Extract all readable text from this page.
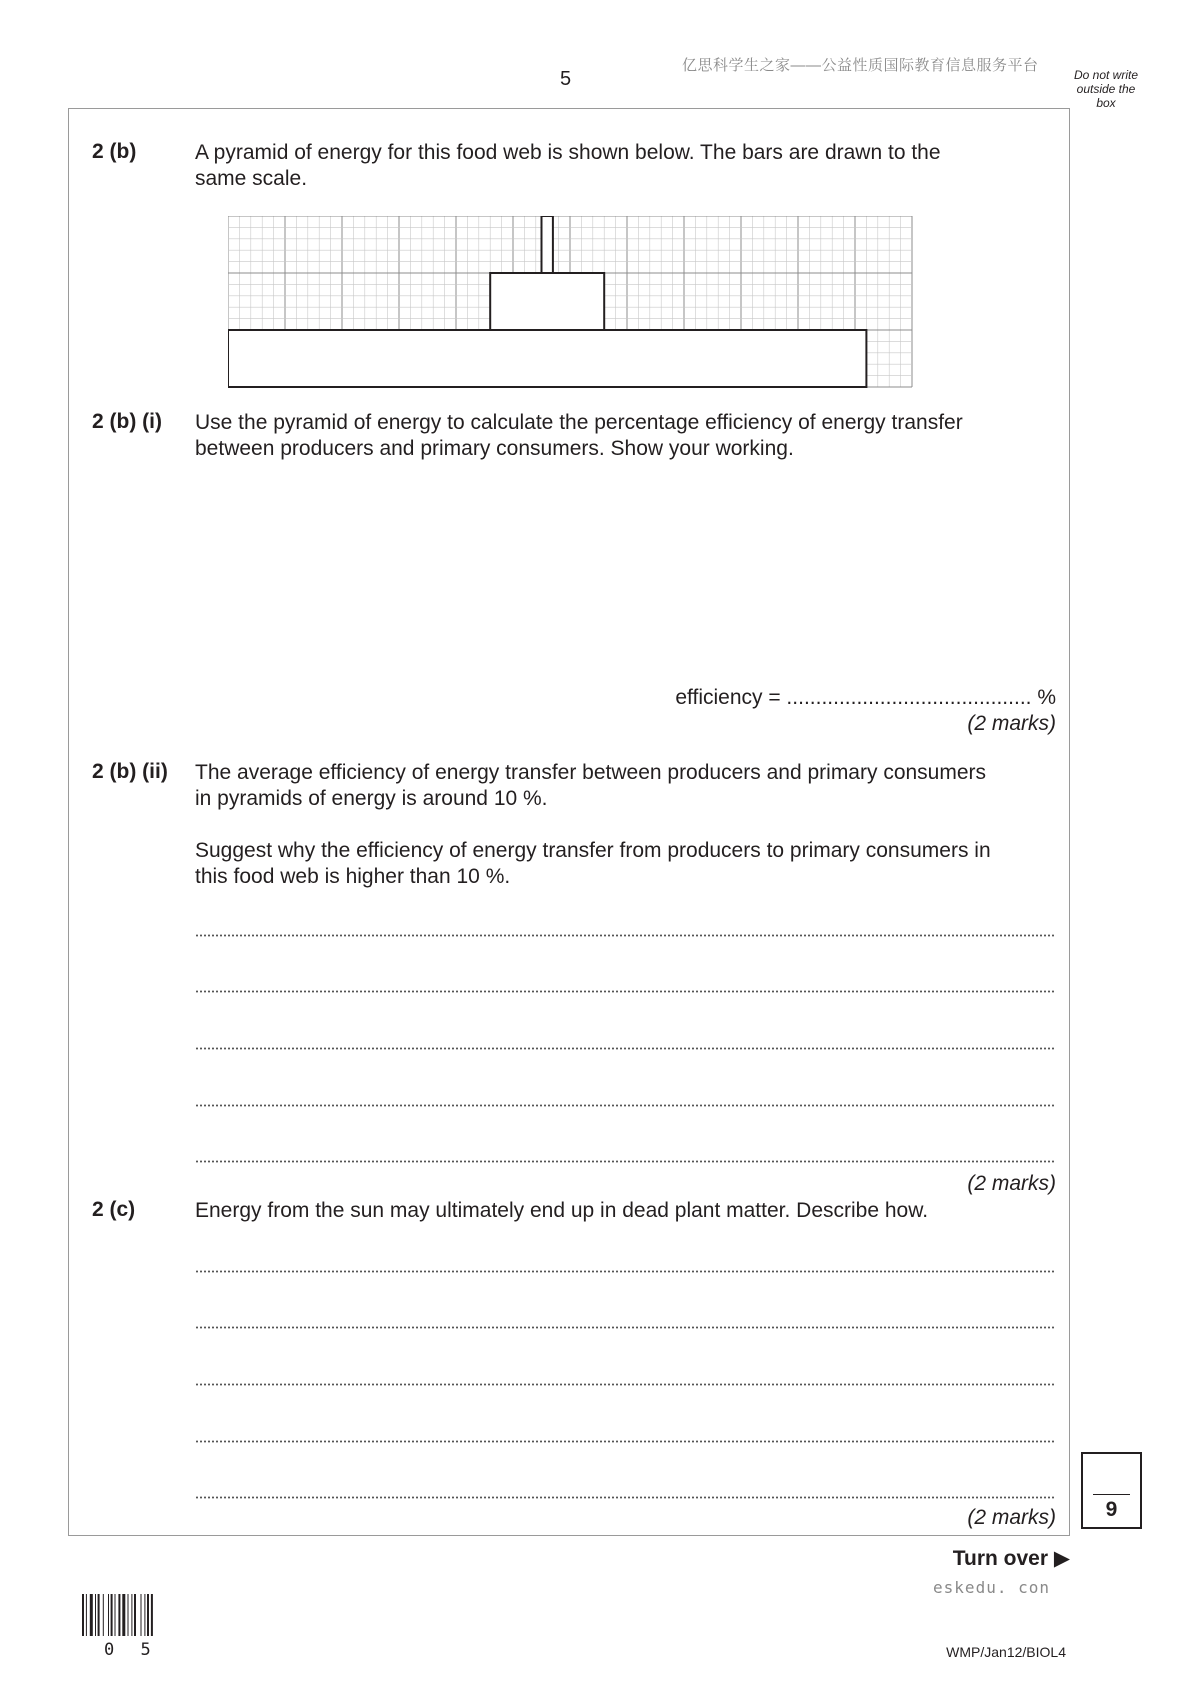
5
亿思科学生之家——公益性质国际教育信息服务平台
Do not write
outside the
box
2 (b)	A pyramid of energy for this food web is shown below. The bars are drawn to the
same scale.
2 (b) (i) Use the pyramid of energy to calculate the percentage efficiency of energy transfer
between producers and primary consumers. Show your working.
efficiency = .......................................... %
(2 marks)
2 (b) (ii) The average efficiency of energy transfer between producers and primary consumers
in pyramids of energy is around 10 %.
Suggest why the efficiency of energy transfer from producers to primary consumers in
this food web is higher than 10 %.
(2 marks)
2 (c)	Energy from the sun may ultimately end up in dead plant matter. Describe how.
(2 marks)	9
Turn over ▶
eskedu. con
0 5	WMP/Jan12/BIOL4
